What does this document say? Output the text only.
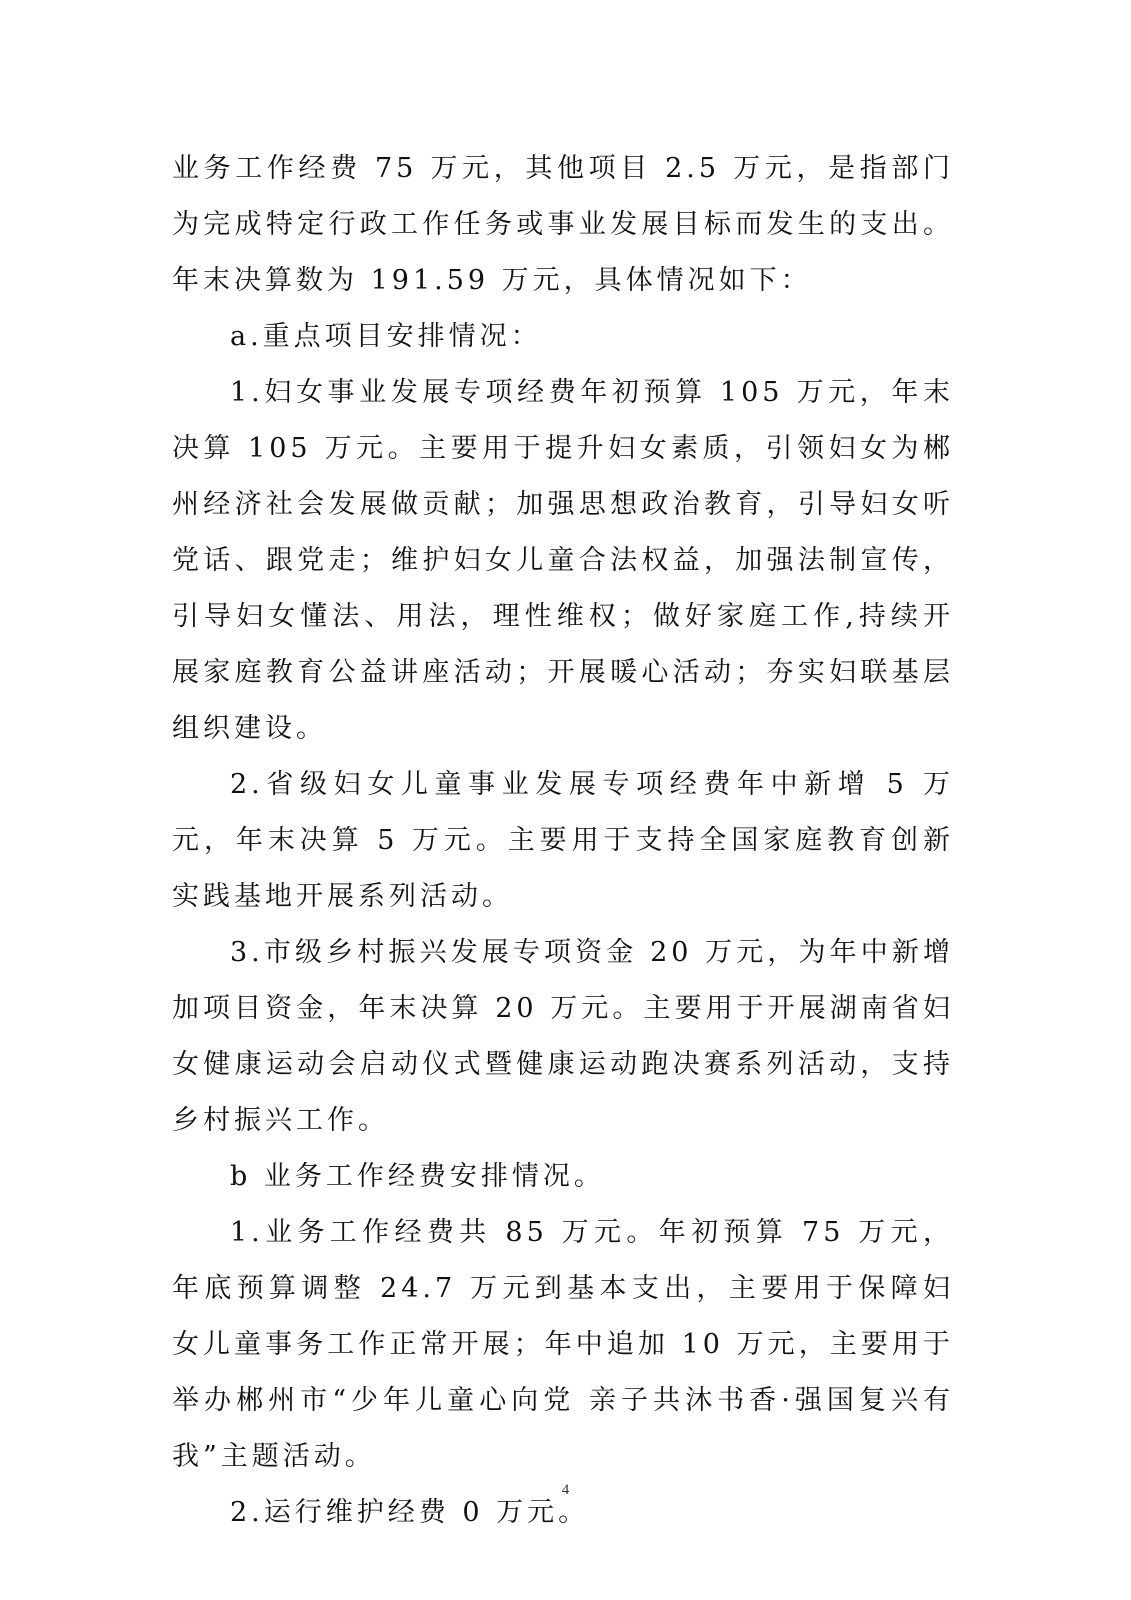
业务工作经费 75 万元，其他项目 2.5 万元，是指部门为完成特定行政工作任务或事业发展目标而发生的支出。年末决算数为 191.59 万元，具体情况如下：

a.重点项目安排情况：

1.妇女事业发展专项经费年初预算 105 万元，年末决算 105 万元。主要用于提升妇女素质，引领妇女为郴州经济社会发展做贡献；加强思想政治教育，引导妇女听党话、跟党走；维护妇女儿童合法权益，加强法制宣传，引导妇女懂法、用法，理性维权；做好家庭工作,持续开展家庭教育公益讲座活动；开展暖心活动；夯实妇联基层组织建设。

2.省级妇女儿童事业发展专项经费年中新增 5 万元，年末决算 5 万元。主要用于支持全国家庭教育创新实践基地开展系列活动。

3.市级乡村振兴发展专项资金 20 万元，为年中新增加项目资金，年末决算 20 万元。主要用于开展湖南省妇女健康运动会启动仪式暨健康运动跑决赛系列活动，支持乡村振兴工作。

b 业务工作经费安排情况。

1.业务工作经费共 85 万元。年初预算 75 万元，年底预算调整 24.7 万元到基本支出，主要用于保障妇女儿童事务工作正常开展；年中追加 10 万元，主要用于举办郴州市“少年儿童心向党 亲子共沐书香·强国复兴有我”主题活动。

2.运行维护经费 0 万元。

4
